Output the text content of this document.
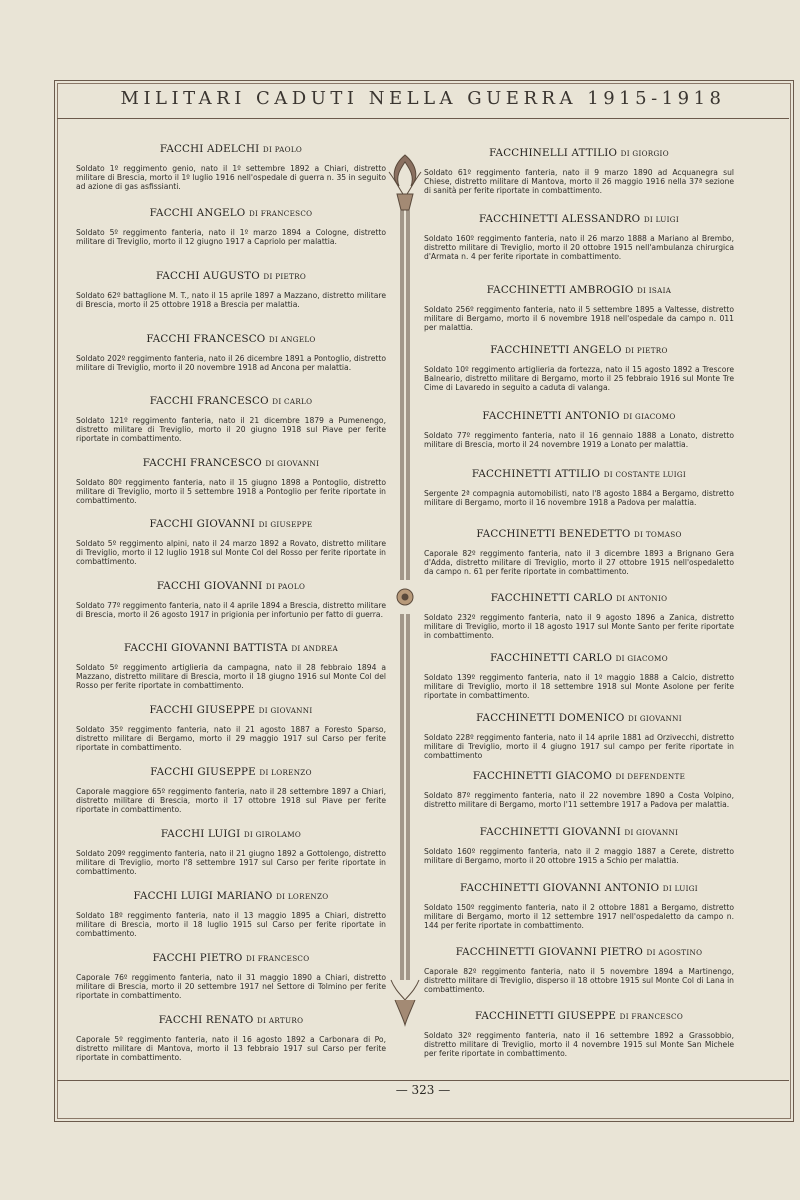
MILITARI CADUTI NELLA GUERRA 1915-1918
FACCHI ADELCHI DI PAOLO
Soldato 1º reggimento genio, nato il 1º settembre 1892 a Chiari, distretto militare di Brescia, morto il 1º luglio 1916 nell'ospedale di guerra n. 35 in seguito ad azione di gas asfissianti.
FACCHI ANGELO DI FRANCESCO
Soldato 5º reggimento fanteria, nato il 1º marzo 1894 a Cologne, distretto militare di Treviglio, morto il 12 giugno 1917 a Capriolo per malattia.
FACCHI AUGUSTO DI PIETRO
Soldato 62º battaglione M. T., nato il 15 aprile 1897 a Mazzano, distretto militare di Brescia, morto il 25 ottobre 1918 a Brescia per malattia.
FACCHI FRANCESCO DI ANGELO
Soldato 202º reggimento fanteria, nato il 26 dicembre 1891 a Pontoglio, distretto militare di Treviglio, morto il 20 novembre 1918 ad Ancona per malattia.
FACCHI FRANCESCO DI CARLO
Soldato 121º reggimento fanteria, nato il 21 dicembre 1879 a Pumenengo, distretto militare di Treviglio, morto il 20 giugno 1918 sul Piave per ferite riportate in combattimento.
FACCHI FRANCESCO DI GIOVANNI
Soldato 80º reggimento fanteria, nato il 15 giugno 1898 a Pontoglio, distretto militare di Treviglio, morto il 5 settembre 1918 a Pontoglio per ferite riportate in combattimento.
FACCHI GIOVANNI DI GIUSEPPE
Soldato 5º reggimento alpini, nato il 24 marzo 1892 a Rovato, distretto militare di Treviglio, morto il 12 luglio 1918 sul Monte Col del Rosso per ferite riportate in combattimento.
FACCHI GIOVANNI DI PAOLO
Soldato 77º reggimento fanteria, nato il 4 aprile 1894 a Brescia, distretto militare di Brescia, morto il 26 agosto 1917 in prigionia per infortunio per fatto di guerra.
FACCHI GIOVANNI BATTISTA DI ANDREA
Soldato 5º reggimento artiglieria da campagna, nato il 28 febbraio 1894 a Mazzano, distretto militare di Brescia, morto il 18 giugno 1916 sul Monte Col del Rosso per ferite riportate in combattimento.
FACCHI GIUSEPPE DI GIOVANNI
Soldato 35º reggimento fanteria, nato il 21 agosto 1887 a Foresto Sparso, distretto militare di Bergamo, morto il 29 maggio 1917 sul Carso per ferite riportate in combattimento.
FACCHI GIUSEPPE DI LORENZO
Caporale maggiore 65º reggimento fanteria, nato il 28 settembre 1897 a Chiari, distretto militare di Brescia, morto il 17 ottobre 1918 sul Piave per ferite riportate in combattimento.
FACCHI LUIGI DI GIROLAMO
Soldato 209º reggimento fanteria, nato il 21 giugno 1892 a Gottolengo, distretto militare di Treviglio, morto l'8 settembre 1917 sul Carso per ferite riportate in combattimento.
FACCHI LUIGI MARIANO DI LORENZO
Soldato 18º reggimento fanteria, nato il 13 maggio 1895 a Chiari, distretto militare di Brescia, morto il 18 luglio 1915 sul Carso per ferite riportate in combattimento.
FACCHI PIETRO DI FRANCESCO
Caporale 76º reggimento fanteria, nato il 31 maggio 1890 a Chiari, distretto militare di Brescia, morto il 20 settembre 1917 nel Settore di Tolmino per ferite riportate in combattimento.
FACCHI RENATO DI ARTURO
Caporale 5º reggimento fanteria, nato il 16 agosto 1892 a Carbonara di Po, distretto militare di Mantova, morto il 13 febbraio 1917 sul Carso per ferite riportate in combattimento.
FACCHINELLI ATTILIO DI GIORGIO
Soldato 61º reggimento fanteria, nato il 9 marzo 1890 ad Acquanegra sul Chiese, distretto militare di Mantova, morto il 26 maggio 1916 nella 37ª sezione di sanità per ferite riportate in combattimento.
FACCHINETTI ALESSANDRO DI LUIGI
Soldato 160º reggimento fanteria, nato il 26 marzo 1888 a Mariano al Brembo, distretto militare di Treviglio, morto il 20 ottobre 1915 nell'ambulanza chirurgica d'Armata n. 4 per ferite riportate in combattimento.
FACCHINETTI AMBROGIO DI ISAIA
Soldato 256º reggimento fanteria, nato il 5 settembre 1895 a Valtesse, distretto militare di Bergamo, morto il 6 novembre 1918 nell'ospedale da campo n. 011 per malattia.
FACCHINETTI ANGELO DI PIETRO
Soldato 10º reggimento artiglieria da fortezza, nato il 15 agosto 1892 a Trescore Balneario, distretto militare di Bergamo, morto il 25 febbraio 1916 sul Monte Tre Cime di Lavaredo in seguito a caduta di valanga.
FACCHINETTI ANTONIO DI GIACOMO
Soldato 77º reggimento fanteria, nato il 16 gennaio 1888 a Lonato, distretto militare di Brescia, morto il 24 novembre 1919 a Lonato per malattia.
FACCHINETTI ATTILIO DI COSTANTE LUIGI
Sergente 2ª compagnia automobilisti, nato l'8 agosto 1884 a Bergamo, distretto militare di Bergamo, morto il 16 novembre 1918 a Padova per malattia.
FACCHINETTI BENEDETTO DI TOMASO
Caporale 82º reggimento fanteria, nato il 3 dicembre 1893 a Brignano Gera d'Adda, distretto militare di Treviglio, morto il 27 ottobre 1915 nell'ospedaletto da campo n. 61 per ferite riportate in combattimento.
FACCHINETTI CARLO DI ANTONIO
Soldato 232º reggimento fanteria, nato il 9 agosto 1896 a Zanica, distretto militare di Treviglio, morto il 18 agosto 1917 sul Monte Santo per ferite riportate in combattimento.
FACCHINETTI CARLO DI GIACOMO
Soldato 139º reggimento fanteria, nato il 1º maggio 1888 a Calcio, distretto militare di Treviglio, morto il 18 settembre 1918 sul Monte Asolone per ferite riportate in combattimento.
FACCHINETTI DOMENICO DI GIOVANNI
Soldato 228º reggimento fanteria, nato il 14 aprile 1881 ad Orzivecchi, distretto militare di Treviglio, morto il 4 giugno 1917 sul campo per ferite riportate in combattimento
FACCHINETTI GIACOMO DI DEFENDENTE
Soldato 87º reggimento fanteria, nato il 22 novembre 1890 a Costa Volpino, distretto militare di Bergamo, morto l'11 settembre 1917 a Padova per malattia.
FACCHINETTI GIOVANNI DI GIOVANNI
Soldato 160º reggimento fanteria, nato il 2 maggio 1887 a Cerete, distretto militare di Bergamo, morto il 20 ottobre 1915 a Schio per malattia.
FACCHINETTI GIOVANNI ANTONIO DI LUIGI
Soldato 150º reggimento fanteria, nato il 2 ottobre 1881 a Bergamo, distretto militare di Bergamo, morto il 12 settembre 1917 nell'ospedaletto da campo n. 144 per ferite riportate in combattimento.
FACCHINETTI GIOVANNI PIETRO DI AGOSTINO
Caporale 82º reggimento fanteria, nato il 5 novembre 1894 a Martinengo, distretto militare di Treviglio, disperso il 18 ottobre 1915 sul Monte Col di Lana in combattimento.
FACCHINETTI GIUSEPPE DI FRANCESCO
Soldato 32º reggimento fanteria, nato il 16 settembre 1892 a Grassobbio, distretto militare di Treviglio, morto il 4 novembre 1915 sul Monte San Michele per ferite riportate in combattimento.
— 323 —
